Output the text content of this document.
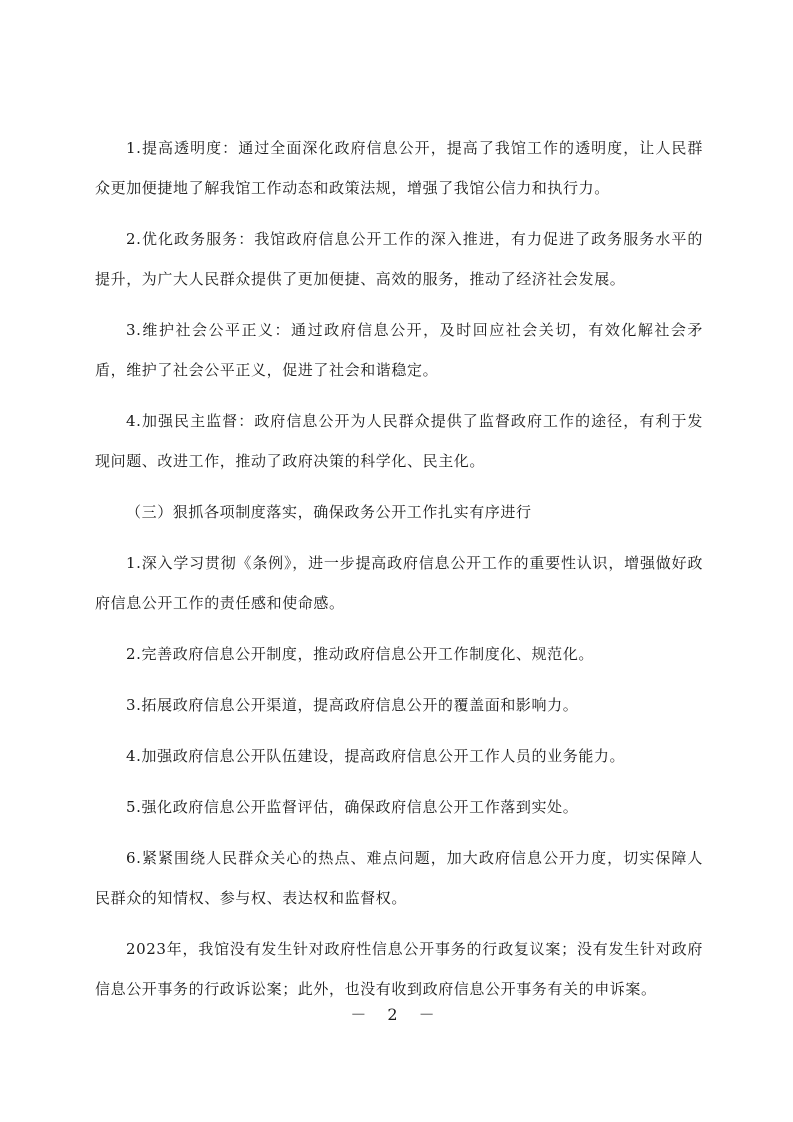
1.提高透明度：通过全面深化政府信息公开，提高了我馆工作的透明度，让人民群众更加便捷地了解我馆工作动态和政策法规，增强了我馆公信力和执行力。

2.优化政务服务：我馆政府信息公开工作的深入推进，有力促进了政务服务水平的提升，为广大人民群众提供了更加便捷、高效的服务，推动了经济社会发展。

3.维护社会公平正义：通过政府信息公开，及时回应社会关切，有效化解社会矛盾，维护了社会公平正义，促进了社会和谐稳定。

4.加强民主监督：政府信息公开为人民群众提供了监督政府工作的途径，有利于发现问题、改进工作，推动了政府决策的科学化、民主化。

（三）狠抓各项制度落实，确保政务公开工作扎实有序进行

1.深入学习贯彻《条例》，进一步提高政府信息公开工作的重要性认识，增强做好政府信息公开工作的责任感和使命感。

2.完善政府信息公开制度，推动政府信息公开工作制度化、规范化。

3.拓展政府信息公开渠道，提高政府信息公开的覆盖面和影响力。

4.加强政府信息公开队伍建设，提高政府信息公开工作人员的业务能力。

5.强化政府信息公开监督评估，确保政府信息公开工作落到实处。

6.紧紧围绕人民群众关心的热点、难点问题，加大政府信息公开力度，切实保障人民群众的知情权、参与权、表达权和监督权。

2023年，我馆没有发生针对政府性信息公开事务的行政复议案；没有发生针对政府信息公开事务的行政诉讼案；此外，也没有收到政府信息公开事务有关的申诉案。

－ 2 －
